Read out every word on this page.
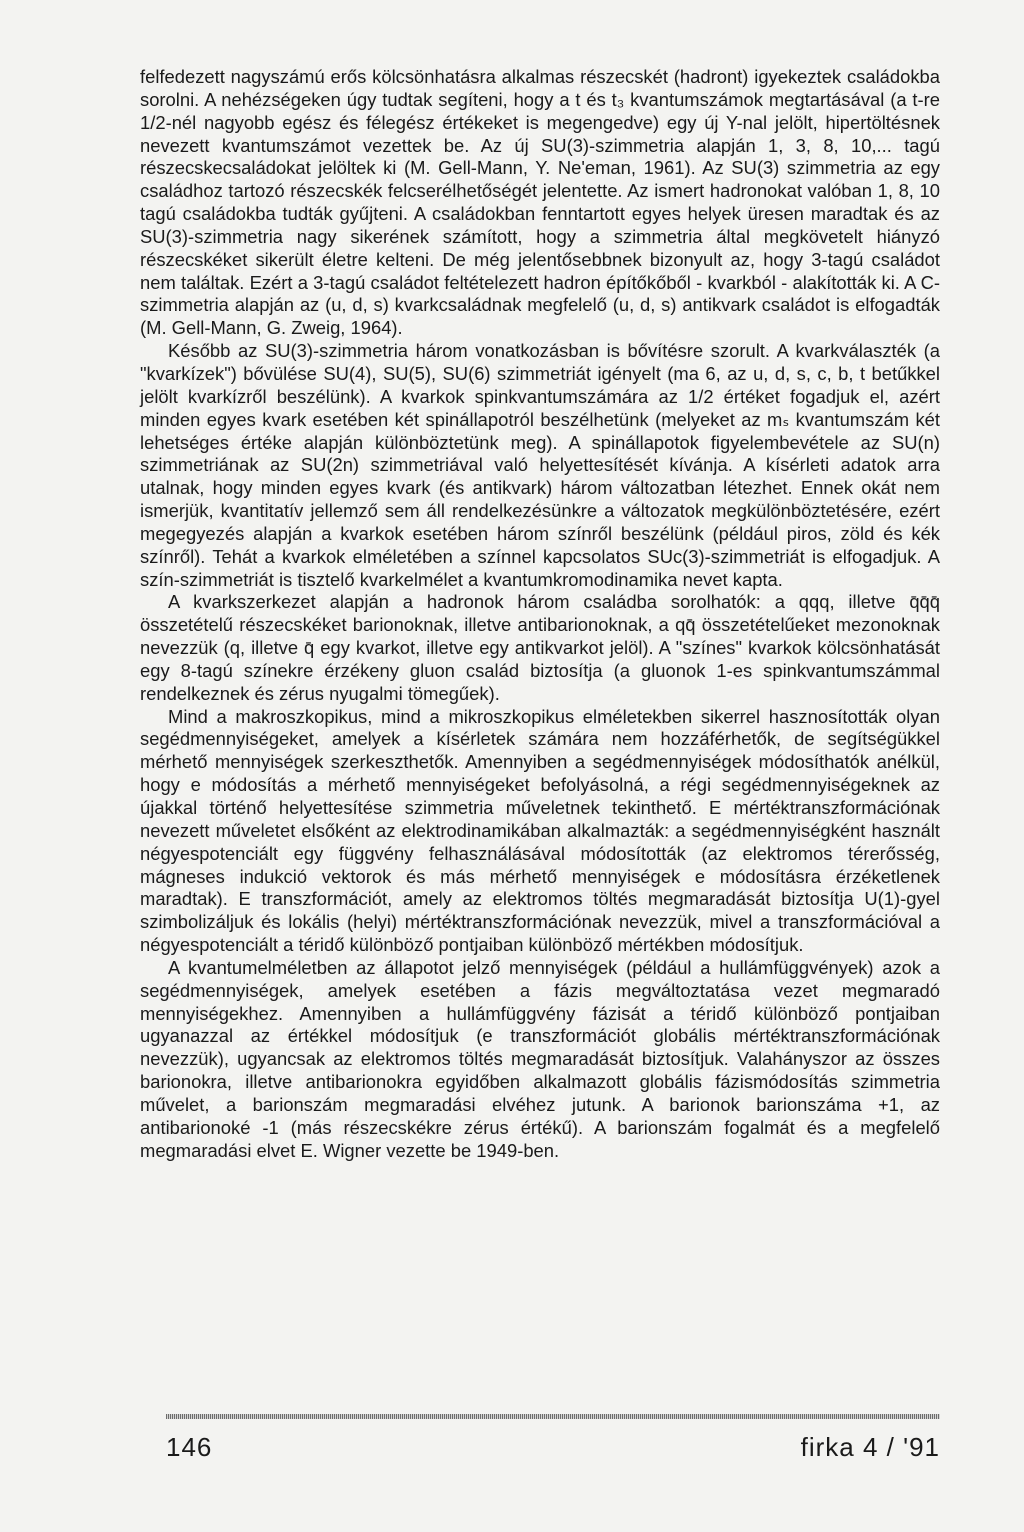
felfedezett nagyszámú erős kölcsönhatásra alkalmas részecskét (hadront) igyekeztek családokba sorolni. A nehézségeken úgy tudtak segíteni, hogy a t és t₃ kvantumszámok megtartásával (a t-re 1/2-nél nagyobb egész és félegész értékeket is megengedve) egy új Y-nal jelölt, hipertöltésnek nevezett kvantumszámot vezettek be. Az új SU(3)-szimmetria alapján 1, 3, 8, 10,... tagú részecskecsaládokat jelöltek ki (M. Gell-Mann, Y. Ne'eman, 1961). Az SU(3) szimmetria az egy családhoz tartozó részecskék felcserélhetőségét jelentette. Az ismert hadronokat valóban 1, 8, 10 tagú családokba tudták gyűjteni. A családokban fenntartott egyes helyek üresen maradtak és az SU(3)-szimmetria nagy sikerének számított, hogy a szimmetria által megkövetelt hiányzó részecskéket sikerült életre kelteni. De még jelentősebbnek bizonyult az, hogy 3-tagú családot nem találtak. Ezért a 3-tagú családot feltételezett hadron építőkőből - kvarkból - alakították ki. A C-szimmetria alapján az (u, d, s) kvarkcsaládnak megfelelő (u, d, s) antikvark családot is elfogadták (M. Gell-Mann, G. Zweig, 1964).

Később az SU(3)-szimmetria három vonatkozásban is bővítésre szorult. A kvarkválaszték (a "kvarkízek") bővülése SU(4), SU(5), SU(6) szimmetriát igényelt (ma 6, az u, d, s, c, b, t betűkkel jelölt kvarkízről beszélünk). A kvarkok spinkvantumszámára az 1/2 értéket fogadjuk el, azért minden egyes kvark esetében két spinállapotról beszélhetünk (melyeket az mₛ kvantumszám két lehetséges értéke alapján különböztetünk meg). A spinállapotok figyelembevétele az SU(n) szimmetriának az SU(2n) szimmetriával való helyettesítését kívánja. A kísérleti adatok arra utalnak, hogy minden egyes kvark (és antikvark) három változatban létezhet. Ennek okát nem ismerjük, kvantitatív jellemző sem áll rendelkezésünkre a változatok megkülönböztetésére, ezért megegyezés alapján a kvarkok esetében három színről beszélünk (például piros, zöld és kék színről). Tehát a kvarkok elméletében a színnel kapcsolatos SUc(3)-szimmetriát is elfogadjuk. A szín-szimmetriát is tisztelő kvarkelmélet a kvantumkromodinamika nevet kapta.

A kvarkszerkezet alapján a hadronok három családba sorolhatók: a qqq, illetve q̄q̄q̄ összetételű részecskéket barionoknak, illetve antibarionoknak, a qq̄ összetételűeket mezonoknak nevezzük (q, illetve q̄ egy kvarkot, illetve egy antikvarkot jelöl). A "színes" kvarkok kölcsönhatását egy 8-tagú színekre érzékeny gluon család biztosítja (a gluonok 1-es spinkvantumszámmal rendelkeznek és zérus nyugalmi tömegűek).

Mind a makroszkopikus, mind a mikroszkopikus elméletekben sikerrel hasznosították olyan segédmennyiségeket, amelyek a kísérletek számára nem hozzáférhetők, de segítségükkel mérhető mennyiségek szerkeszthetők. Amennyiben a segédmennyiségek módosíthatók anélkül, hogy e módosítás a mérhető mennyiségeket befolyásolná, a régi segédmennyiségeknek az újakkal történő helyettesítése szimmetria műveletnek tekinthető. E mértéktranszformációnak nevezett műveletet elsőként az elektrodinamikában alkalmazták: a segédmennyiségként használt négyespotenciált egy függvény felhasználásával módosították (az elektromos térerősség, mágneses indukció vektorok és más mérhető mennyiségek e módosításra érzéketlenek maradtak). E transzformációt, amely az elektromos töltés megmaradását biztosítja U(1)-gyel szimbolizáljuk és lokális (helyi) mértéktranszformációnak nevezzük, mivel a transzformációval a négyespotenciált a téridő különböző pontjaiban különböző mértékben módosítjuk.

A kvantumelméletben az állapotot jelző mennyiségek (például a hullámfüggvények) azok a segédmennyiségek, amelyek esetében a fázis megváltoztatása vezet megmaradó mennyiségekhez. Amennyiben a hullámfüggvény fázisát a téridő különböző pontjaiban ugyanazzal az értékkel módosítjuk (e transzformációt globális mértéktranszformációnak nevezzük), ugyancsak az elektromos töltés megmaradását biztosítjuk. Valahányszor az összes barionokra, illetve antibarionokra egyidőben alkalmazott globális fázismódosítás szimmetria művelet, a barionszám megmaradási elvéhez jutunk. A barionok barionszáma +1, az antibarionoké -1 (más részecskékre zérus értékű). A barionszám fogalmát és a megfelelő megmaradási elvet E. Wigner vezette be 1949-ben.

146	firka 4 / '91
